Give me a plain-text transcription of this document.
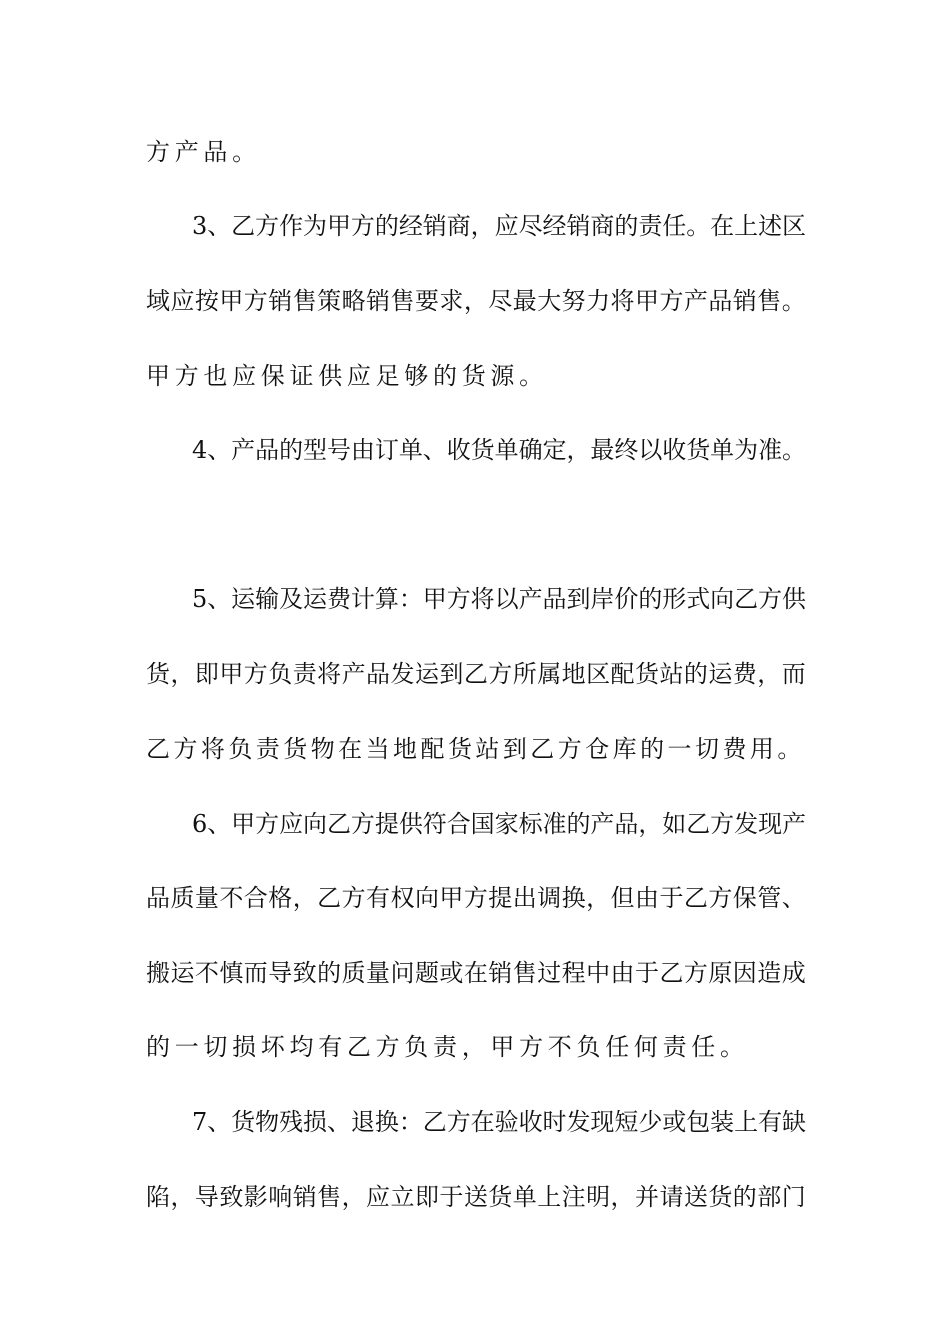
方产品。
3、乙方作为甲方的经销商，应尽经销商的责任。在上述区
域应按甲方销售策略销售要求，尽最大努力将甲方产品销售。
甲方也应保证供应足够的货源。
4、产品的型号由订单、收货单确定，最终以收货单为准。
5、运输及运费计算：甲方将以产品到岸价的形式向乙方供
货，即甲方负责将产品发运到乙方所属地区配货站的运费，而
乙方将负责货物在当地配货站到乙方仓库的一切费用。
6、甲方应向乙方提供符合国家标准的产品，如乙方发现产
品质量不合格，乙方有权向甲方提出调换，但由于乙方保管、
搬运不慎而导致的质量问题或在销售过程中由于乙方原因造成
的一切损坏均有乙方负责，甲方不负任何责任。
7、货物残损、退换：乙方在验收时发现短少或包装上有缺
陷，导致影响销售，应立即于送货单上注明，并请送货的部门
